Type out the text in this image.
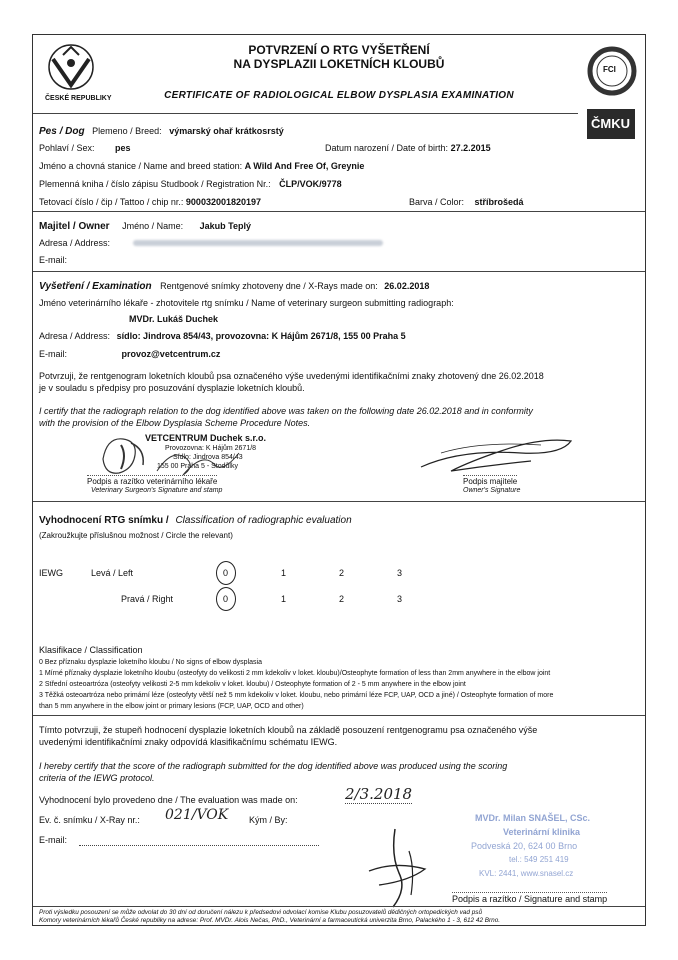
ČESKÉ REPUBLIKY
POTVRZENÍ O RTG VYŠETŘENÍ
NA DYSPLAZII LOKETNÍCH KLOUBŮ
CERTIFICATE OF RADIOLOGICAL ELBOW DYSPLASIA EXAMINATION
FCI
ČMKU
Pes / Dog Plemeno / Breed: výmarský ohař krátkosrstý
Pohlaví / Sex: pes	Datum narození / Date of birth: 27.2.2015
Jméno a chovná stanice / Name and breed station: A Wild And Free Of, Greynie
Plemenná kniha / číslo zápisu Studbook / Registration Nr.: ČLP/VOK/9778
Tetovací číslo / čip / Tattoo / chip nr.: 900032001820197	Barva / Color: stříbrošedá
Majitel / Owner Jméno / Name: Jakub Teplý
Adresa / Address:
E-mail:
Vyšetření / Examination Rentgenové snímky zhotoveny dne / X-Rays made on: 26.02.2018
Jméno veterinárního lékaře - zhotovitele rtg snímku / Name of veterinary surgeon submitting radiograph:
MVDr. Lukáš Duchek
Adresa / Address: sídlo: Jindrova 854/43, provozovna: K Hájům 2671/8, 155 00 Praha 5
E-mail:	provoz@vetcentrum.cz
Potvrzuji, že rentgenogram loketních kloubů psa označeného výše uvedenými identifikačními znaky zhotovený dne 26.02.2018
je v souladu s předpisy pro posuzování dysplazie loketních kloubů.
I certify that the radiograph relation to the dog identified above was taken on the following date 26.02.2018 and in conformity
with the provision of the Elbow Dysplasia Scheme Procedure Notes.
VETCENTRUM Duchek s.r.o.
Provozovna: K Hájům 2671/8
Sídlo: Jindrova 854/43
155 00 Praha 5 - Stodůlky
Podpis a razítko veterinárního lékaře
Veterinary Surgeon's Signature and stamp
Podpis majitele
Owner's Signature
Vyhodnocení RTG snímku / Classification of radiographic evaluation
(Zakroužkujte příslušnou možnost / Circle the relevant)
IEWG	Levá / Left	0	1	2	3
Pravá / Right	0	1	2	3
Klasifikace / Classification
0 Bez příznaku dysplazie loketního kloubu / No signs of elbow dysplasia
1 Mírné příznaky dysplazie loketního kloubu (osteofyty do velikosti 2 mm kdekoliv v loket. kloubu)/Osteophyte formation of less than 2mm anywhere in the elbow joint
2 Střední osteoartróza (osteofyty velikosti 2-5 mm kdekoliv v loket. kloubu) / Osteophyte formation of 2 - 5 mm anywhere in the elbow joint
3 Těžká osteoartróza nebo primární léze (osteofyty větší než 5 mm kdekoliv v loket. kloubu, nebo primární léze FCP, UAP, OCD a jiné) / Osteophyte formation of more
than 5 mm anywhere in the elbow joint or primary lesions (FCP, UAP, OCD and other)
Tímto potvrzuji, že stupeň hodnocení dysplazie loketních kloubů na základě posouzení rentgenogramu psa označeného výše
uvedenými identifikačními znaky odpovídá klasifikačnímu schématu IEWG.
I hereby certify that the score of the radiograph submitted for the dog identified above was produced using the scoring
criteria of the IEWG protocol.
Vyhodnocení bylo provedeno dne / The evaluation was made on:	2/3.2018
Ev. č. snímku / X-Ray nr.: 021/VOK Kým / By:
E-mail:
MVDr. Milan SNAŠEL, CSc.
Veterinární klinika
Podveská 20, 624 00 Brno
tel.: 549 251 419
KVL: 2441, www.snasel.cz
Podpis a razítko / Signature and stamp
Proti výsledku posouzení se může odvolat do 30 dní od doručení nálezu k předsedovi odvolací komise Klubu posuzovatelů dědičných ortopedických vad psů
Komory veterinárních lékařů České republiky na adrese: Prof. MVDr. Alois Nečas, PhD., Veterinární a farmaceutická univerzita Brno, Palackého 1 - 3, 612 42 Brno.
